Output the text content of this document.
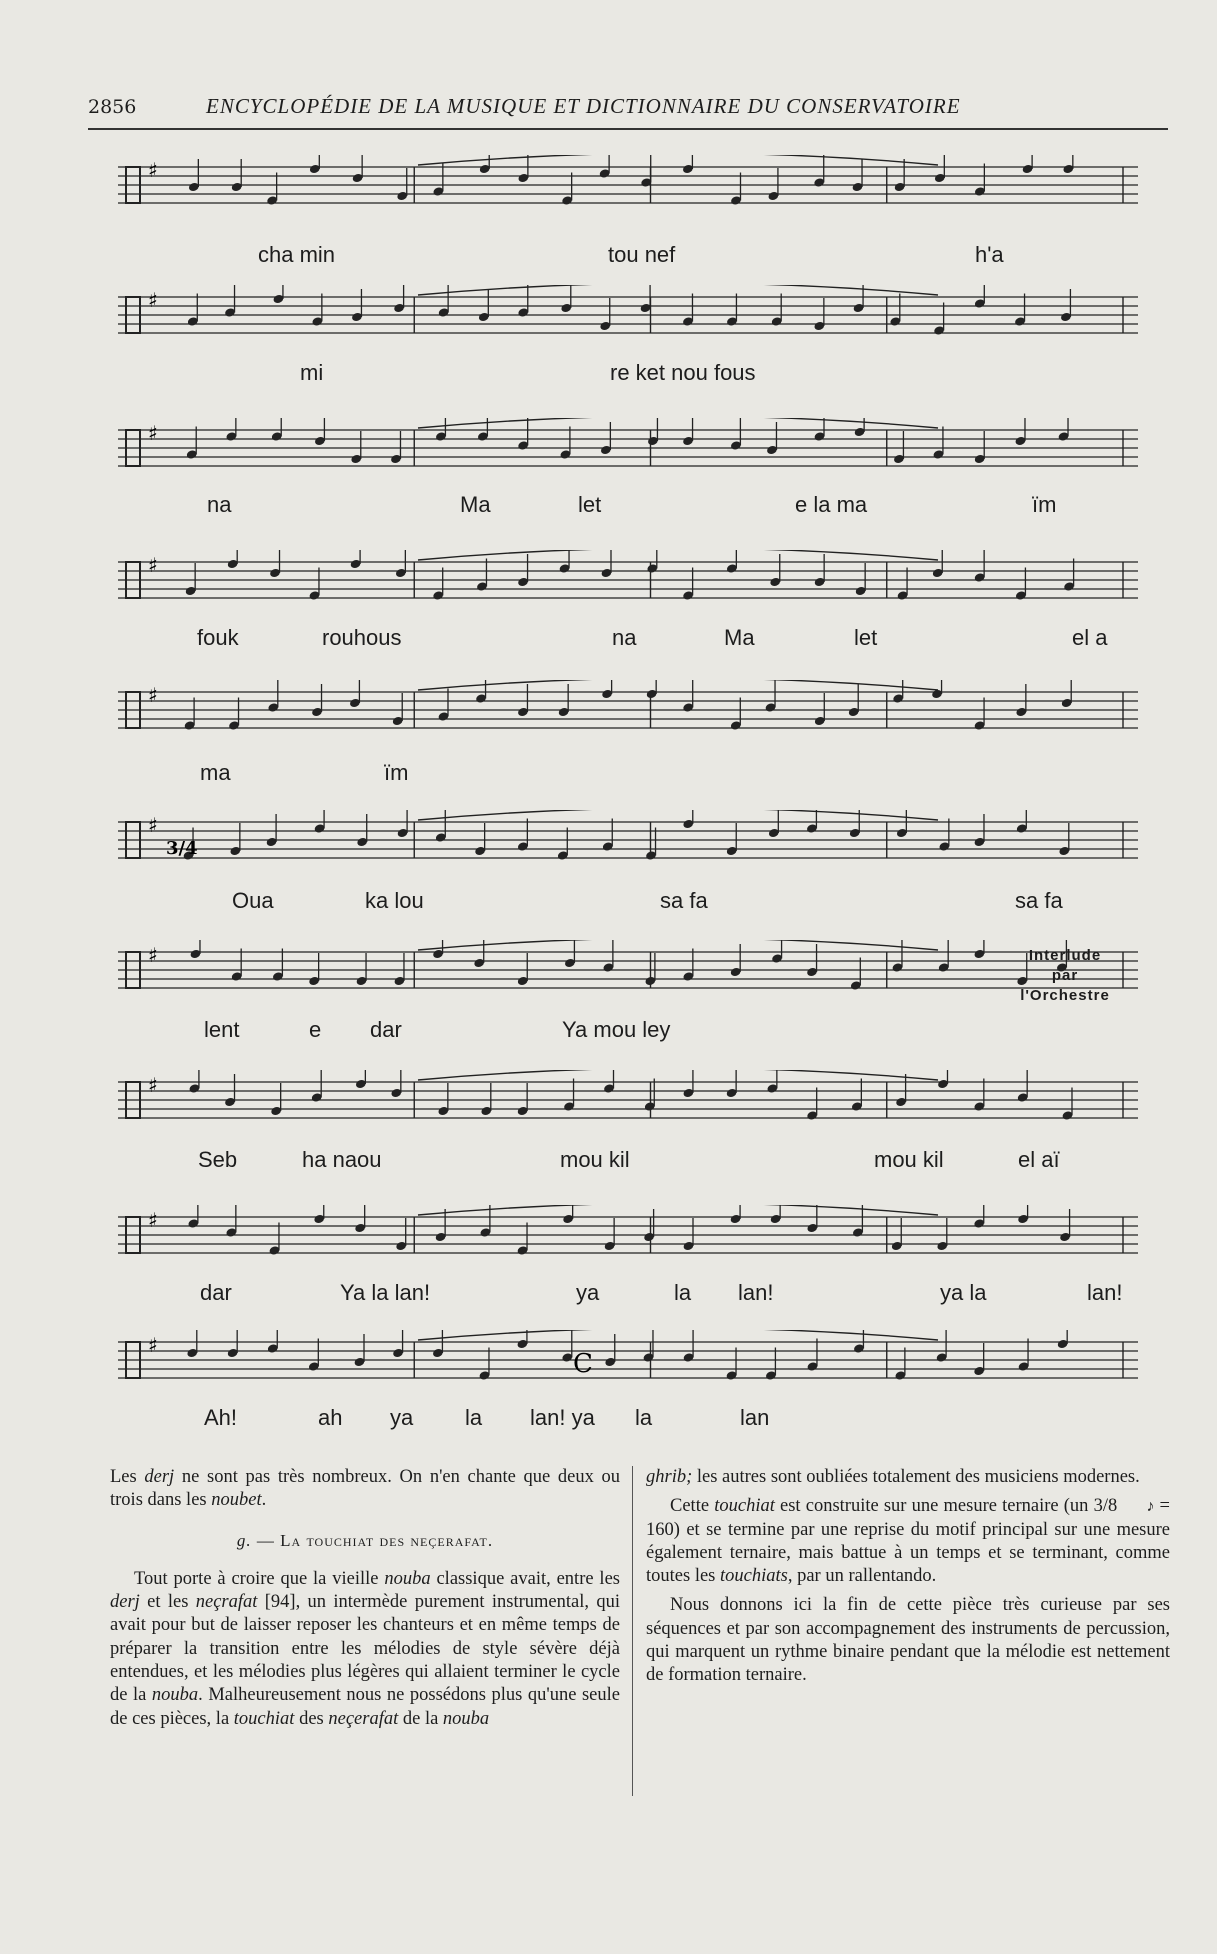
2856	ENCYCLOPÉDIE DE LA MUSIQUE ET DICTIONNAIRE DU CONSERVATOIRE
♯
cha min	tou nef	h'a
♯
mi	re ket nou fous
♯
na	Ma	let	e la ma	ïm
♯
fouk	rouhous	na	Ma	let	el a
♯
ma	ïm
♯
3/4
Oua	ka lou	sa fa	sa fa
♯
lent	e dar	Ya mou ley
♯
Seb	ha naou	mou kil	mou kil	el aï
♯
dar	Ya la lan!	ya	la lan!	ya la	lan!
♯
C
Ah!	ah ya la lan! ya la	lan
Interlude
par
l'Orchestre

Les derj ne sont pas très nombreux. On n'en chante que deux ou trois dans les noubet.

g. — La touchiat des neçerafat.

Tout porte à croire que la vieille nouba classique avait, entre les derj et les neçrafat [94], un intermède purement instrumental, qui avait pour but de laisser reposer les chanteurs et en même temps de préparer la transition entre les mélodies de style sévère déjà entendues, et les mélodies plus légères qui allaient terminer le cycle de la nouba. Malheureusement nous ne possédons plus qu'une seule de ces pièces, la touchiat des neçerafat de la nouba

ghrib; les autres sont oubliées totalement des musiciens modernes.

Cette touchiat est construite sur une mesure ternaire (un 3/8 ♪ = 160) et se termine par une reprise du motif principal sur une mesure également ternaire, mais battue à un temps et se terminant, comme toutes les touchiats, par un rallentando.

Nous donnons ici la fin de cette pièce très curieuse par ses séquences et par son accompagnement des instruments de percussion, qui marquent un rythme binaire pendant que la mélodie est nettement de formation ternaire.
